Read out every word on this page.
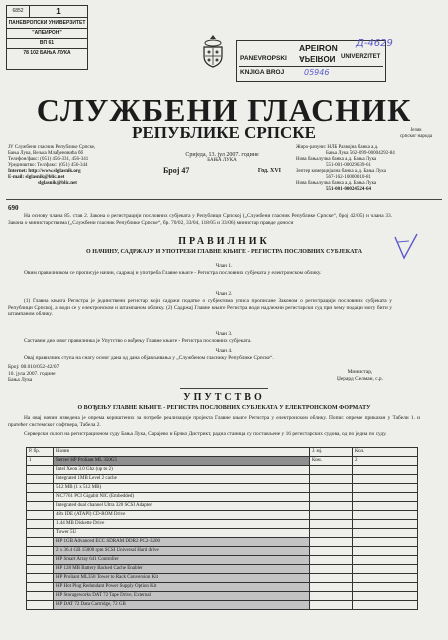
6852	1
ПАНЕВРОПСКИ УНИВЕРЗИТЕТ
"АПЕИРОН"
ВП 61
78 102 БАЊА ЛУКА
PANEVROPSKI
APEIRON
APEIRON UNIVERZITET
KNJIGA BROJ
Д-4629
05946
СЛУЖБЕНИ ГЛАСНИК
РЕПУБЛИКЕ СРПСКЕ	Језик
српског народа
ЈУ Службени гласник Републике Српске,
Бања Лука, Вељка Млађеновића бб
Телефон/факс: (051) 456-331, 456-341
Уредништво: Тел/факс: (051) 456-344
Internet: http://www.slglasnik.org
E-mail: slglasnik@blic.net
slglasnik@blic.net
Сриједа, 13. јул 2007. године
БАЊА ЛУКА
Број 47	Год. XVI
Жиро-рачуни: НЛБ Развојна банка а.д.
Бања Лука 562-099-00004292-84
Нова бањалучка банка а.д. Бања Лука
551-001-00029639-61
Зептер комерцијална банка а.д. Бања Лука
567-162-10000010-81
Нова бањалучка банка а.д. Бања Лука
551-001-00024524-64
690
На основу члана 85. став 2. Закона о регистрацији пословних субјеката у Републици Српској („Службени гласник Републике Српске“, број 42/05) и члана 33. Закона о министарствима („Службени гласник Републике Српске“, бр. 70/02, 33/04, 118/05 и 33/06) министар правде доноси
ПРАВИЛНИК
О НАЧИНУ, САДРЖАЈУ И УПОТРЕБИ ГЛАВНЕ КЊИГЕ - РЕГИСТРА ПОСЛОВНИХ СУБЈЕКАТА
Члан 1.
Овим правилником се прописује начин, садржај и употреба Главне књиге - Регистра пословних субјеката у електронском облику.
Члан 2.
(1) Главна књига Регистра је јединствени регистар који садржи податке о субјектима уписа прописане Законом о регистрацији пословних субјеката у Републици Српској, а води се у електронском и штампаном облику. (2) Садржај Главне књиге Регистра води надлежни регистарски суд при чему подаци могу бити у штампаном облику.
Члан 3.
Саставни дио овог правилника је Упутство о вођењу Главне књиге - Регистра пословних субјеката.
Члан 4.
Овај правилник ступа на снагу осмог дана од дана објављивања у „Службеном гласнику Републике Српске“.
Број: 08.010/052-42/07
10. јула 2007. године
Бања Лука
Министар,
Џерард Селман, с.р.
УПУТСТВО
О ВОЂЕЊУ ГЛАВНЕ КЊИГЕ - РЕГИСТРА ПОСЛОВНИХ СУБЈЕКАТА У ЕЛЕКТРОНСКОМ ФОРМАТУ
На овај начин изведена је опрема кориштених за потребе реализације пројекта Главне књиге Регистра у електронском облику. Попис опреме приказан у Табели 1. и пратећег системског софтвера, Табела 2.
Серверски склоп на регистрационом суду Бања Лука, Сарајево и Брчко Дистрикт, радна станица су постављене у 16 регистарских судова, од по једна по суду.
Р. бр.	Назив	Ј. мј.	Кол.
1	Server HP Proliant ML 350G5	Ком.	2
	Intel Xeon 3.0 Ghz (up to 2)		
	Integrated 1MB Level 2 cache		
	512 MB (1 x 512 MB)		
	NC7761 PCI Gigabit NIC (Embedded)		
	Integrated dual channel Ultra 320 SCSI Adapter		
	48x IDE (ATAPI) CD-ROM Drive		
	1.44 MB Diskette Drive		
	Tower 5U		
	HP 1GB Advanced ECC SDRAM DDR2 PC2-3200		
	2 x 36.4 GB 15000 rpm SCSI Universal Hard drive		
	HP Smart Array 641 Controller		
	HP 128 MB Battery Backed Cache Enabler		
	HP Proliant ML350 Tower to Rack Conversion Kit		
	HP Hot Plug Redundant Power Supply Option Kit		
	HP Storageworks DAT 72 Tape Drive, External		
	HP DAT 72 Data Cartridge, 72 GB		
